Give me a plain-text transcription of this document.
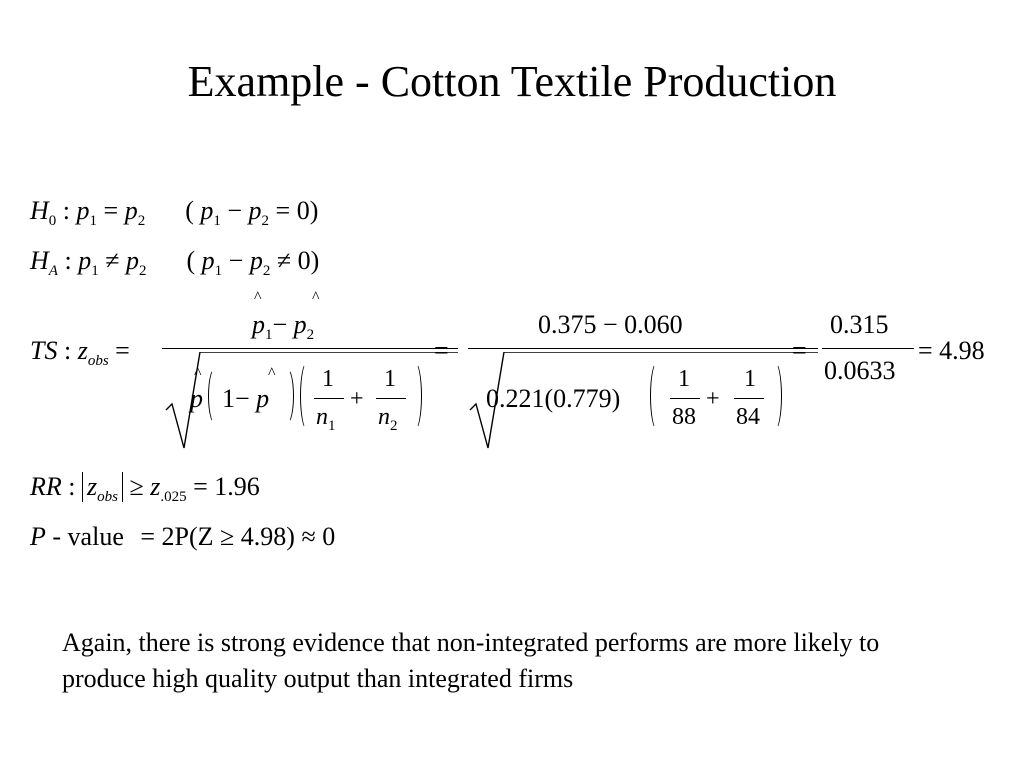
Example - Cotton Textile Production
$H_0$ : $p_1 = p_2$ ( $p_1 - p_2 = 0$)
$H_A$ : $p_1 \ne p_2$ ( $p_1 - p_2 \ne 0$)
TS : $z_{obs}$ =
^	^
$p_1- p_2$
^	^
p 1− p
1
$n_1$
+
1
$n_2$
=
0.375 − 0.060
0.221(0.779)
1
88
+
1
84
=
0.315
0.0633
= 4.98
RR : $z_{obs} \ge z_{.025} = 1.96$
P - value = 2P(Z ≥ 4.98) ≈ 0
Again, there is strong evidence that non-integrated performs are more likely to produce high quality output than integrated firms
